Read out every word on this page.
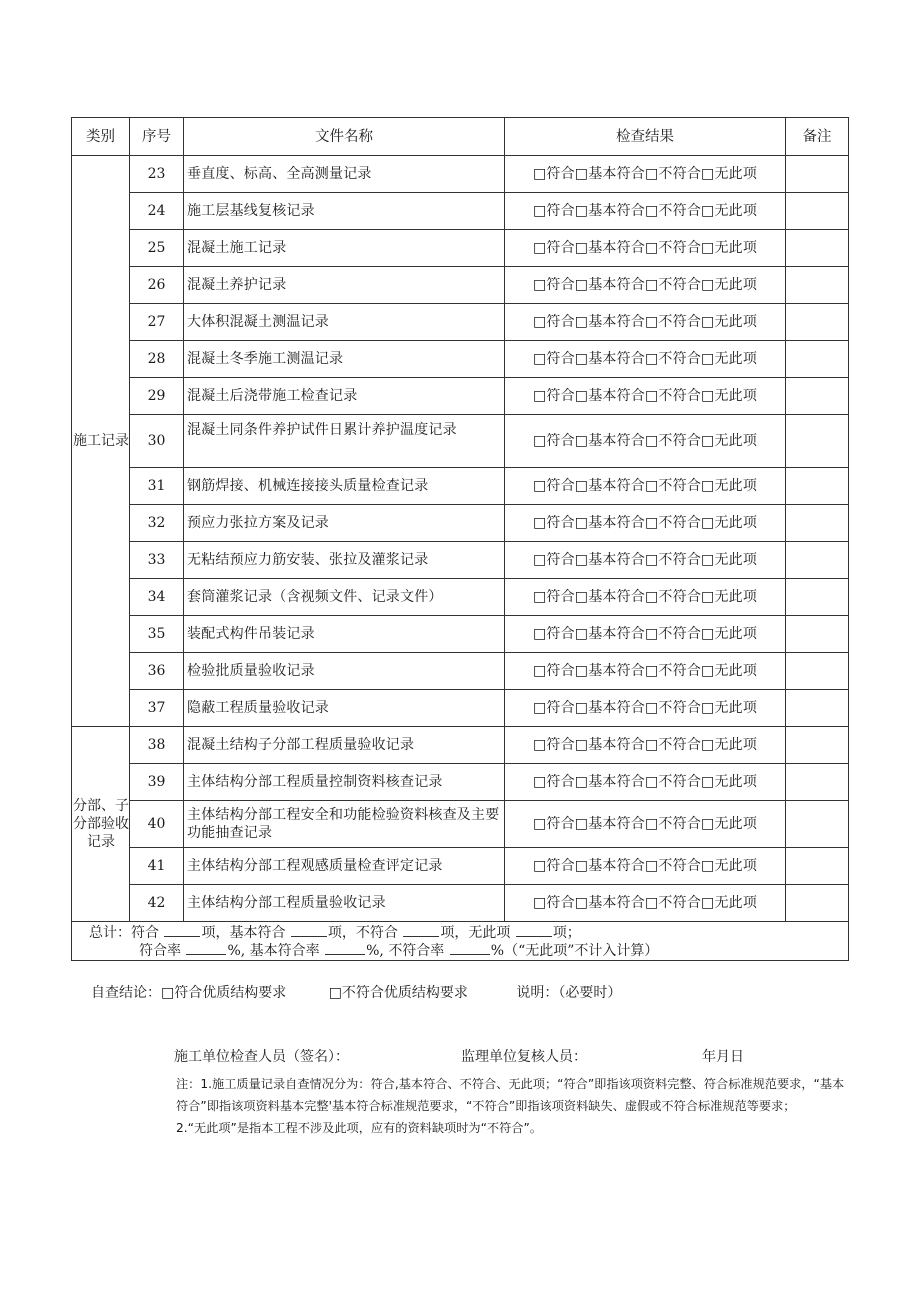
类别	序号	文件名称	检查结果	备注
施工记录	23	垂直度、标高、全高测量记录	□符合□基本符合□不符合□无此项	
	24	施工层基线复核记录	□符合□基本符合□不符合□无此项	
	25	混凝土施工记录	□符合□基本符合□不符合□无此项	
	26	混凝土养护记录	□符合□基本符合□不符合□无此项	
	27	大体积混凝土测温记录	□符合□基本符合□不符合□无此项	
	28	混凝土冬季施工测温记录	□符合□基本符合□不符合□无此项	
	29	混凝土后浇带施工检查记录	□符合□基本符合□不符合□无此项	
	30	混凝土同条件养护试件日累计养护温度记录	□符合□基本符合□不符合□无此项	
	31	钢筋焊接、机械连接接头质量检查记录	□符合□基本符合□不符合□无此项	
	32	预应力张拉方案及记录	□符合□基本符合□不符合□无此项	
	33	无粘结预应力筋安装、张拉及灌浆记录	□符合□基本符合□不符合□无此项	
	34	套筒灌浆记录（含视频文件、记录文件）	□符合□基本符合□不符合□无此项	
	35	装配式构件吊装记录	□符合□基本符合□不符合□无此项	
	36	检验批质量验收记录	□符合□基本符合□不符合□无此项	
	37	隐蔽工程质量验收记录	□符合□基本符合□不符合□无此项	
分部、子分部验收记录	38	混凝土结构子分部工程质量验收记录	□符合□基本符合□不符合□无此项	
	39	主体结构分部工程质量控制资料核查记录	□符合□基本符合□不符合□无此项	
	40	主体结构分部工程安全和功能检验资料核查及主要功能抽查记录	□符合□基本符合□不符合□无此项	
	41	主体结构分部工程观感质量检查评定记录	□符合□基本符合□不符合□无此项	
	42	主体结构分部工程质量验收记录	□符合□基本符合□不符合□无此项	

总计：符合 项，基本符合 项，不符合 项，无此项 项；
符合率 %, 基本符合率 %, 不符合率 %（“无此项”不计入计算）				
自查结论：□符合优质结构要求	□不符合优质结构要求	说明：（必要时）
施工单位检查人员（签名）：	监理单位复核人员：	年月日

注：1.施工质量记录自查情况分为：符合,基本符合、不符合、无此项；“符合”即指该项资料完整、符合标准规范要求，“基本符合”即指该项资料基本完整'基本符合标准规范要求，“不符合”即指该项资料缺失、虚假或不符合标准规范等要求；

2.“无此项”是指本工程不涉及此项，应有的资料缺项时为“不符合”。
